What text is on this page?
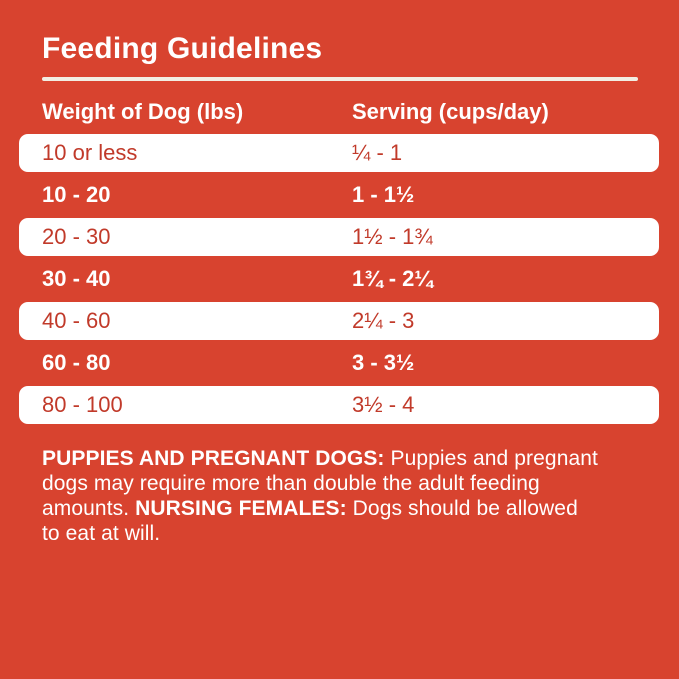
Feeding Guidelines
Weight of Dog (lbs)	Serving (cups/day)
10 or less	¼ - 1
10 - 20	1 - 1½
20 - 30	1½ - 1¾
30 - 40	1¾ - 2¼
40 - 60	2¼ - 3
60 - 80	3 - 3½
80 - 100	3½ - 4

PUPPIES AND PREGNANT DOGS: Puppies and pregnant
dogs may require more than double the adult feeding
amounts. NURSING FEMALES: Dogs should be allowed
to eat at will.
